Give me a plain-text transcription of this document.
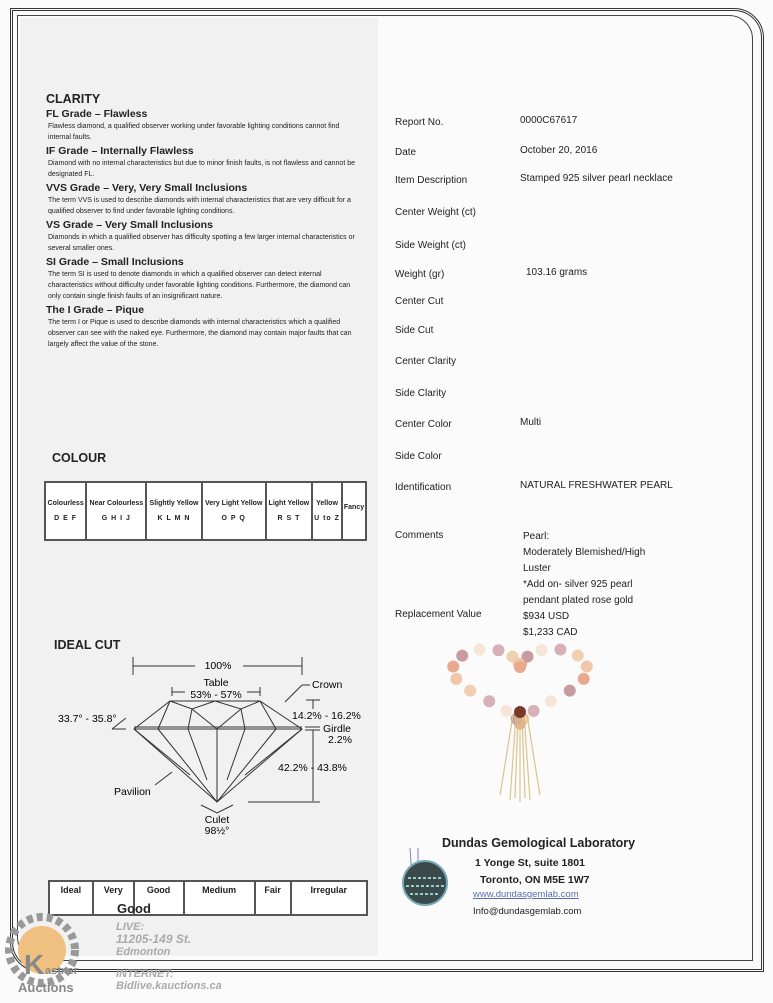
CLARITY
FL Grade – Flawless
Flawless diamond, a qualified observer working under favorable lighting conditions cannot find internal faults.
IF Grade – Internally Flawless
Diamond with no internal characteristics but due to minor finish faults, is not flawless and cannot be designated FL.
VVS Grade – Very, Very Small Inclusions
The term VVS is used to describe diamonds with internal characteristics that are very difficult for a qualified observer to find under favorable lighting conditions.
VS Grade – Very Small Inclusions
Diamonds in which a qualified observer has difficulty spotting a few larger internal characteristics or several smaller ones.
SI Grade – Small Inclusions
The term SI is used to denote diamonds in which a qualified observer can detect internal characteristics without difficulty under favorable lighting conditions. Furthermore, the diamond can only contain single finish faults of an insignificant nature.
The I Grade – Pique
The term I or Pique is used to describe diamonds with internal characteristics which a qualified observer can see with the naked eye. Furthermore, the diamond may contain major faults that can largely affect the value of the stone.
COLOUR
Colourless
D E F

Near Colourless
G H I J

Slightly Yellow
K L M N

Very Light Yellow
O P Q

Light Yellow
R S T

Yellow
U to Z

Fancy
IDEAL CUT
100%
Table
53% - 57%
Crown
33.7° - 35.8°	14.2% - 16.2%
Girdle
2.2%
42.2% - 43.8%
Pavilion
Culet
98½°
Ideal	Very	Good	Medium	Fair	Irregular
Good
Report No.	0000C67617
Date	October 20, 2016
Item Description	Stamped 925 silver pearl necklace
Center Weight (ct)
Side Weight (ct)
Weight (gr)	103.16 grams
Center Cut
Side Cut
Center Clarity
Side Clarity
Center Color	Multi
Side Color
Identification	NATURAL FRESHWATER PEARL
Comments	Pearl:
Moderately Blemished/High
Luster
*Add on- silver 925 pearl
pendant plated rose gold
$934 USD
$1,233 CAD
Replacement Value
Dundas Gemological Laboratory
1 Yonge St, suite 1801
Toronto, ON M5E 1W7
www.dundasgemlab.com
Info@dundasgemlab.com
K astner
Auctions
LIVE:
11205-149 St.
Edmonton
INTERNET:
Bidlive.kauctions.ca
